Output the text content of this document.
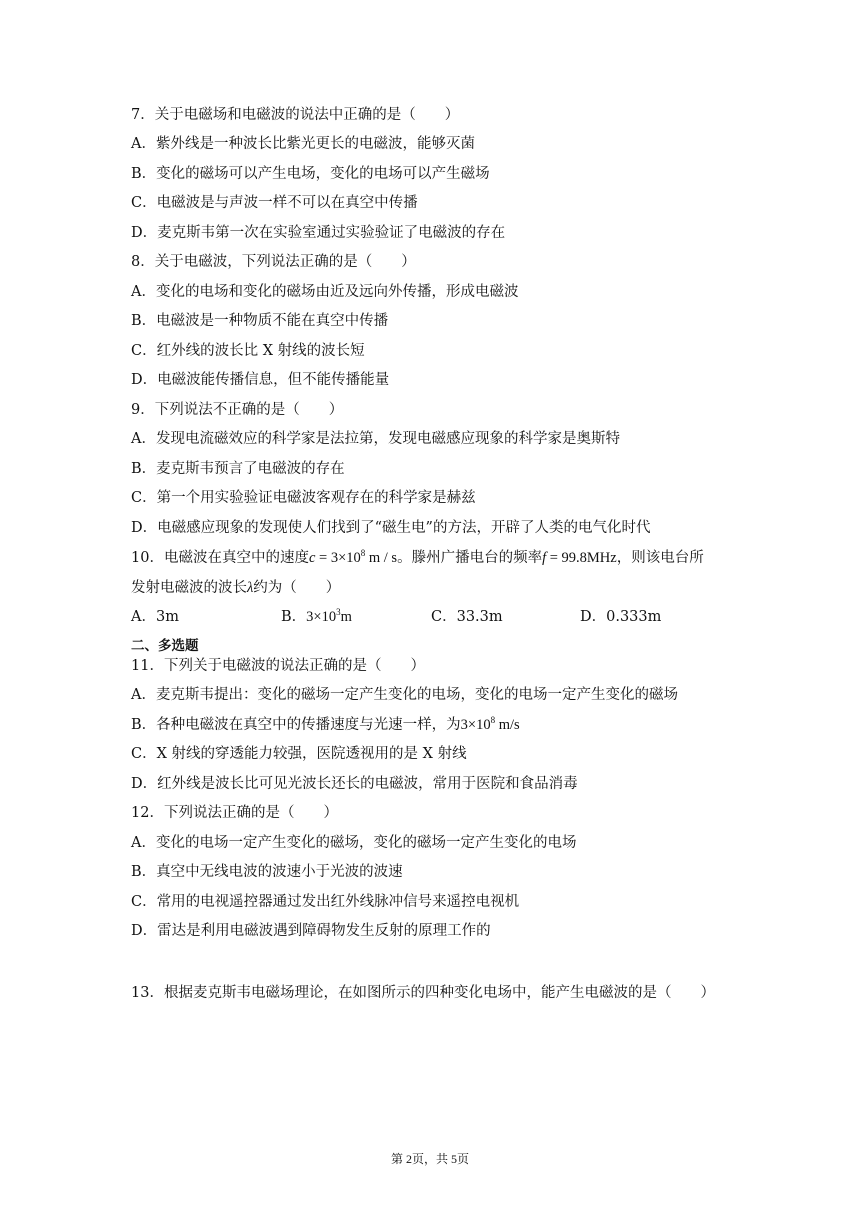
7．关于电磁场和电磁波的说法中正确的是（　　）
A．紫外线是一种波长比紫光更长的电磁波，能够灭菌
B．变化的磁场可以产生电场，变化的电场可以产生磁场
C．电磁波是与声波一样不可以在真空中传播
D．麦克斯韦第一次在实验室通过实验验证了电磁波的存在
8．关于电磁波，下列说法正确的是（　　）
A．变化的电场和变化的磁场由近及远向外传播，形成电磁波
B．电磁波是一种物质不能在真空中传播
C．红外线的波长比 X 射线的波长短
D．电磁波能传播信息，但不能传播能量
9．下列说法不正确的是（　　）
A．发现电流磁效应的科学家是法拉第，发现电磁感应现象的科学家是奥斯特
B．麦克斯韦预言了电磁波的存在
C．第一个用实验验证电磁波客观存在的科学家是赫兹
D．电磁感应现象的发现使人们找到了“磁生电”的方法，开辟了人类的电气化时代
10．电磁波在真空中的速度$c = 3\times 10^8$ m / s。滕州广播电台的频率f = 99.8MHz，则该电台所
发射电磁波的波长λ约为（　　）
A．3m	B．$3\times 10^3m$	C．33.3m	D．0.333m
二、多选题
11．下列关于电磁波的说法正确的是（　　）
A．麦克斯韦提出：变化的磁场一定产生变化的电场，变化的电场一定产生变化的磁场
B．各种电磁波在真空中的传播速度与光速一样，为$3\times 10^8$ m/s
C．X 射线的穿透能力较强，医院透视用的是 X 射线
D．红外线是波长比可见光波长还长的电磁波，常用于医院和食品消毒
12．下列说法正确的是（　　）
A．变化的电场一定产生变化的磁场，变化的磁场一定产生变化的电场
B．真空中无线电波的波速小于光波的波速
C．常用的电视遥控器通过发出红外线脉冲信号来遥控电视机
D．雷达是利用电磁波遇到障碍物发生反射的原理工作的
13．根据麦克斯韦电磁场理论，在如图所示的四种变化电场中，能产生电磁波的是（　　）
第 2页，共 5页
